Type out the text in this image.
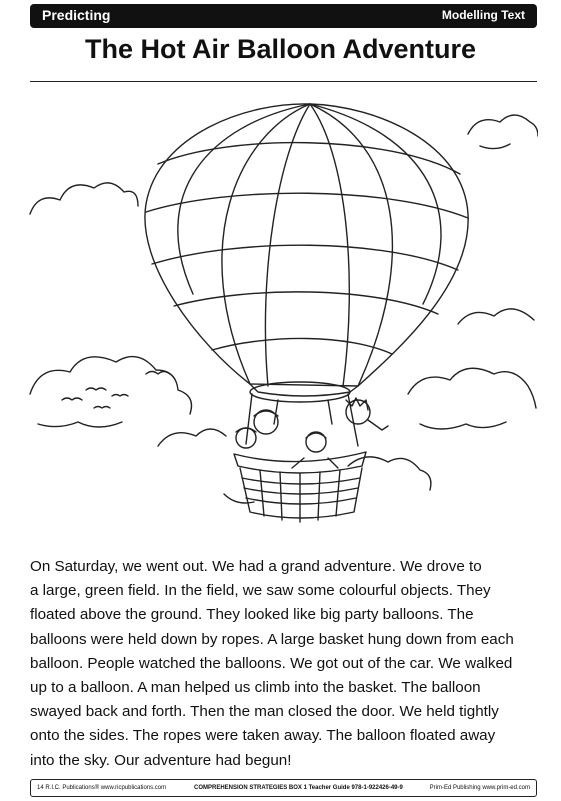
Predicting	Modelling Text
The Hot Air Balloon Adventure
On Saturday, we went out. We had a grand adventure. We drove to
a large, green field. In the field, we saw some colourful objects. They
floated above the ground. They looked like big party balloons. The
balloons were held down by ropes. A large basket hung down from each
balloon. People watched the balloons. We got out of the car. We walked
up to a balloon. A man helped us climb into the basket. The balloon
swayed back and forth. Then the man closed the door. We held tightly
onto the sides. The ropes were taken away. The balloon floated away
into the sky. Our adventure had begun!
14 R.I.C. Publications® www.ricpublications.com	COMPREHENSION STRATEGIES BOX 1 Teacher Guide 978-1-922426-49-9	Prim-Ed Publishing www.prim-ed.com
